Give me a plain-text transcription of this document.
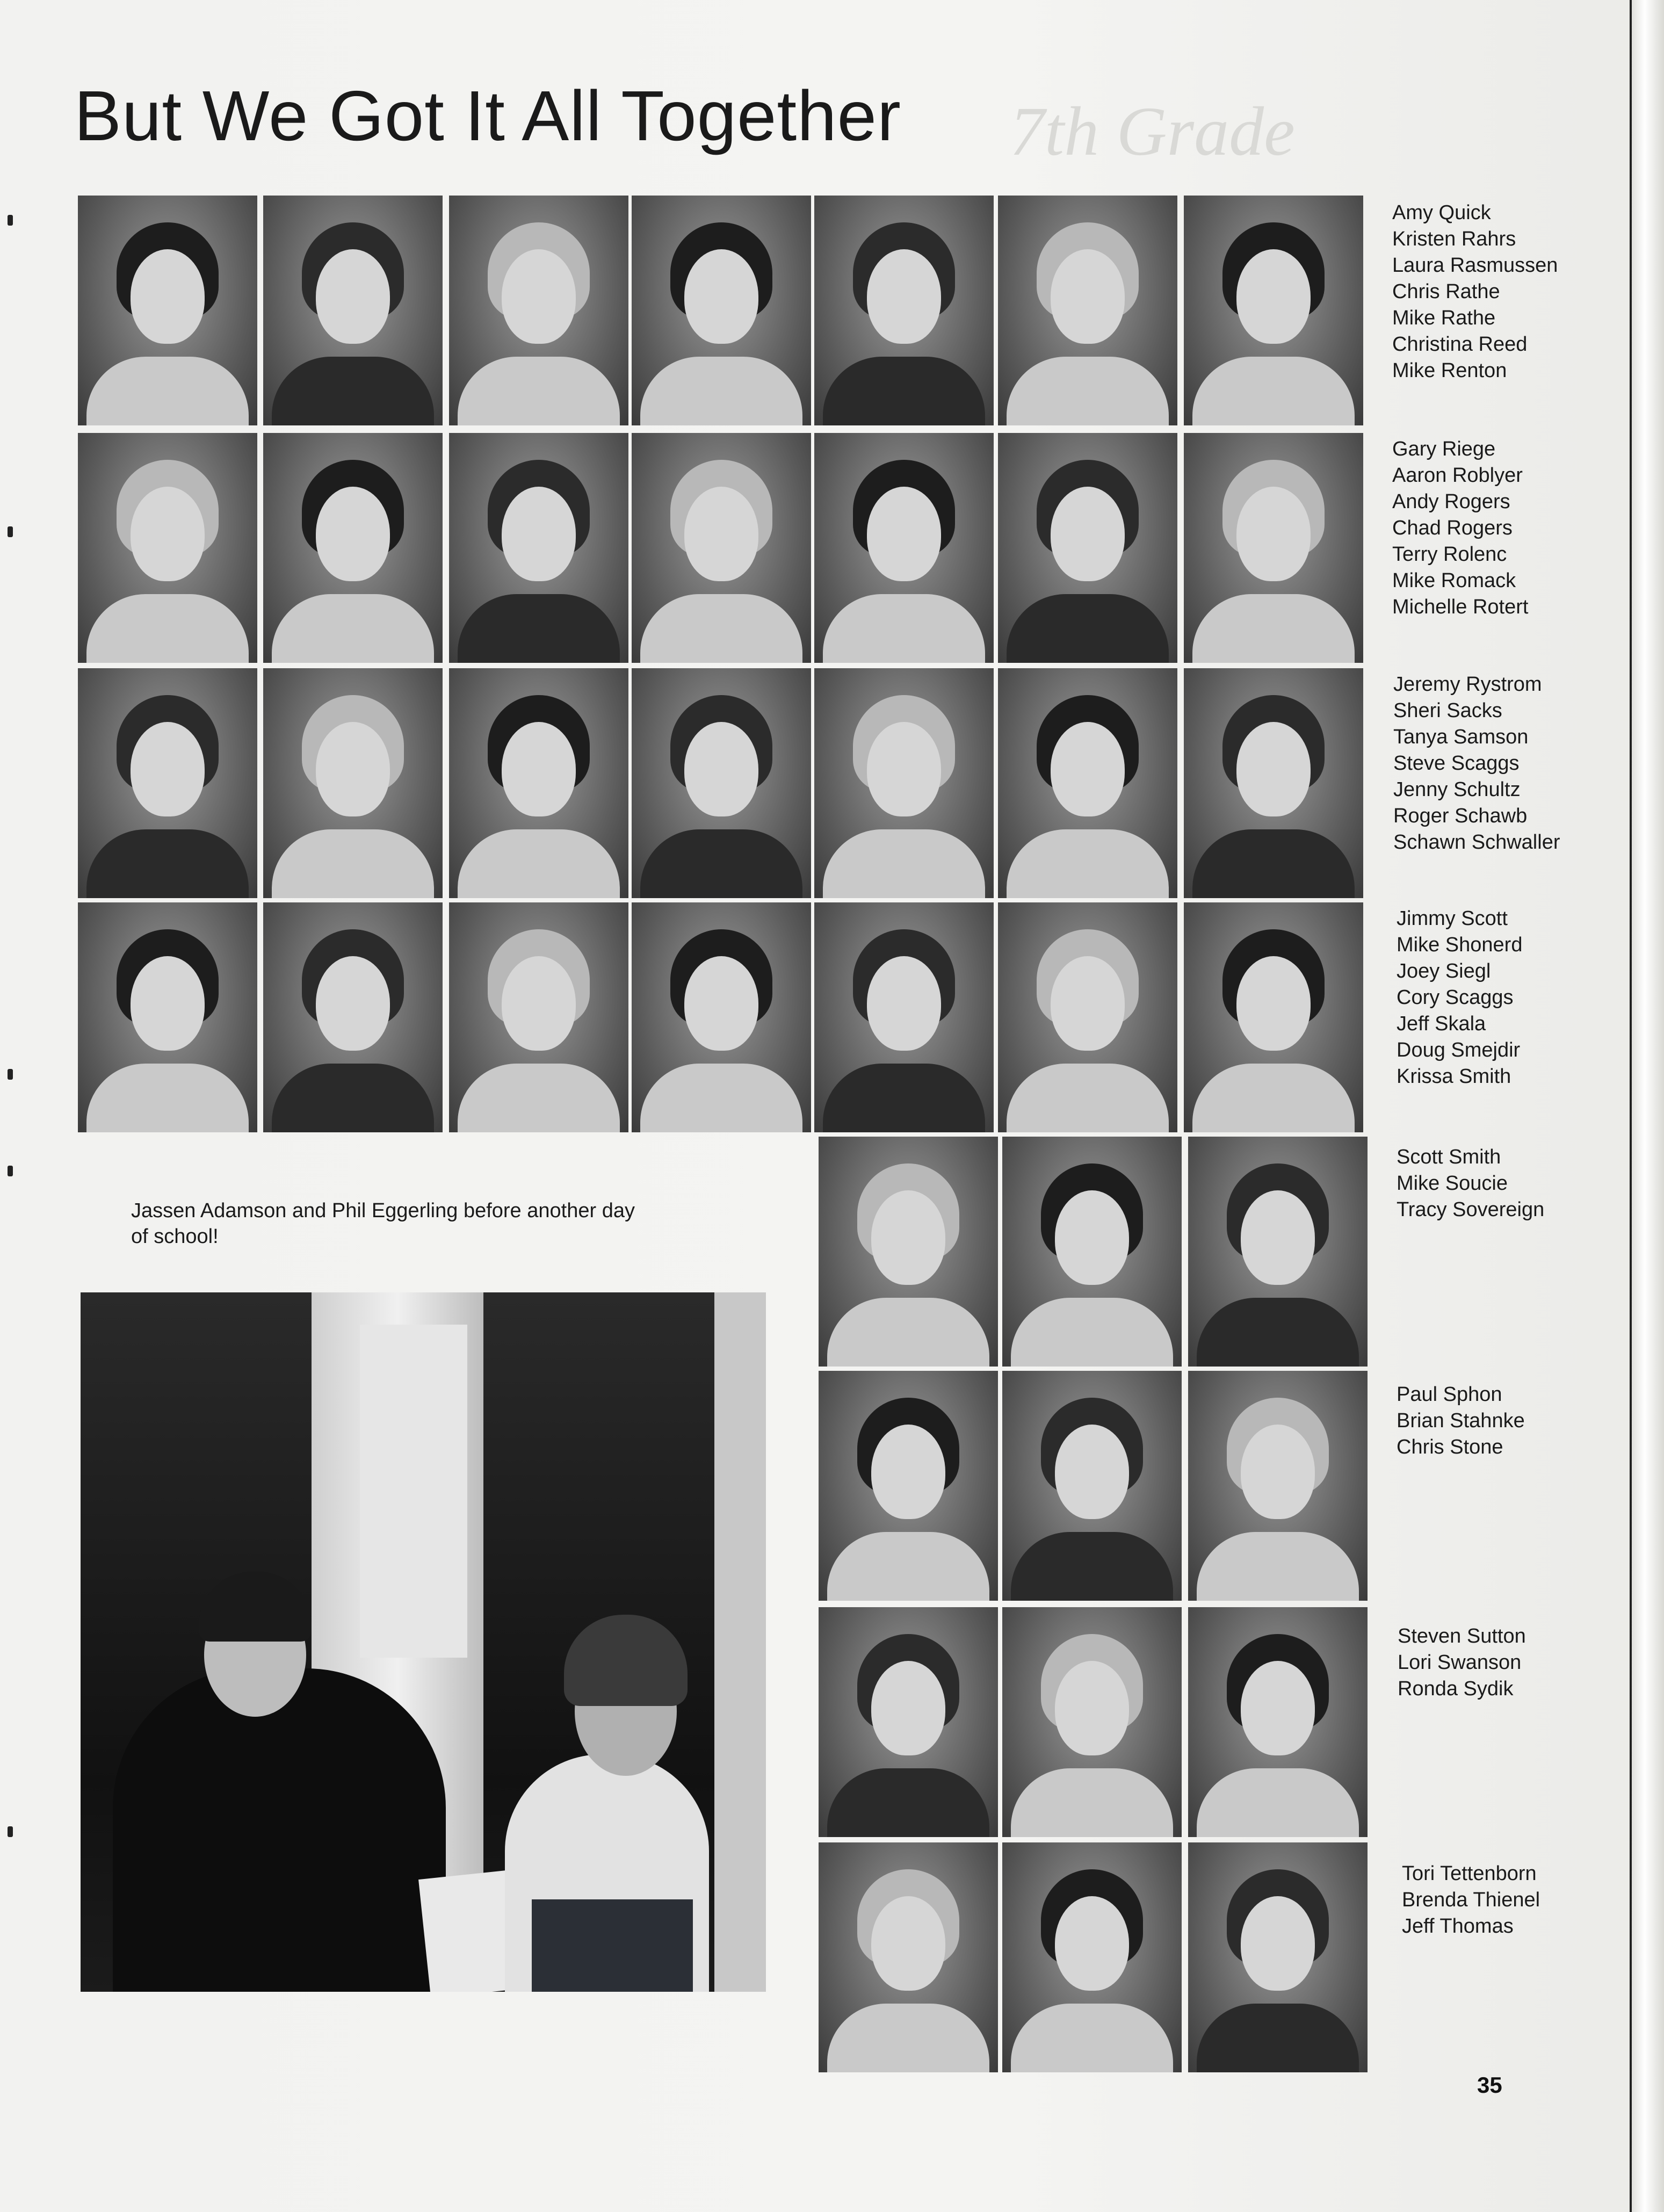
7th Grade
But We Got It All Together
Amy Quick
Kristen Rahrs
Laura Rasmussen
Chris Rathe
Mike Rathe
Christina Reed
Mike Renton
Gary Riege
Aaron Roblyer
Andy Rogers
Chad Rogers
Terry Rolenc
Mike Romack
Michelle Rotert
Jeremy Rystrom
Sheri Sacks
Tanya Samson
Steve Scaggs
Jenny Schultz
Roger Schawb
Schawn Schwaller
Jimmy Scott
Mike Shonerd
Joey Siegl
Cory Scaggs
Jeff Skala
Doug Smejdir
Krissa Smith
Scott Smith
Mike Soucie
Tracy Sovereign
Paul Sphon
Brian Stahnke
Chris Stone
Steven Sutton
Lori Swanson
Ronda Sydik
Tori Tettenborn
Brenda Thienel
Jeff Thomas
Jassen Adamson and Phil Eggerling before another day of school!
35
